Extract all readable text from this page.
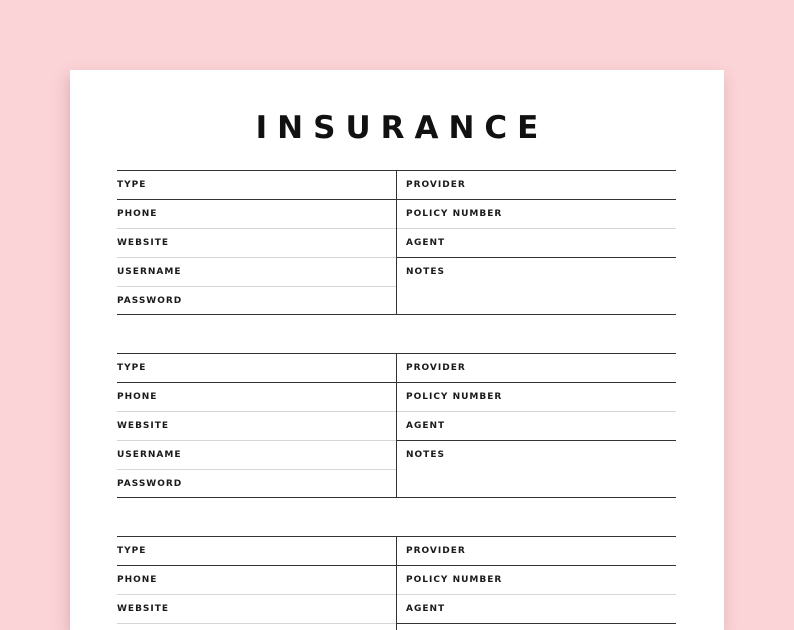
INSURANCE
TYPE
PHONE
WEBSITE
USERNAME
PASSWORD
PROVIDER
POLICY NUMBER
AGENT
NOTES
TYPE
PHONE
WEBSITE
USERNAME
PASSWORD
PROVIDER
POLICY NUMBER
AGENT
NOTES
TYPE
PHONE
WEBSITE
PROVIDER
POLICY NUMBER
AGENT
